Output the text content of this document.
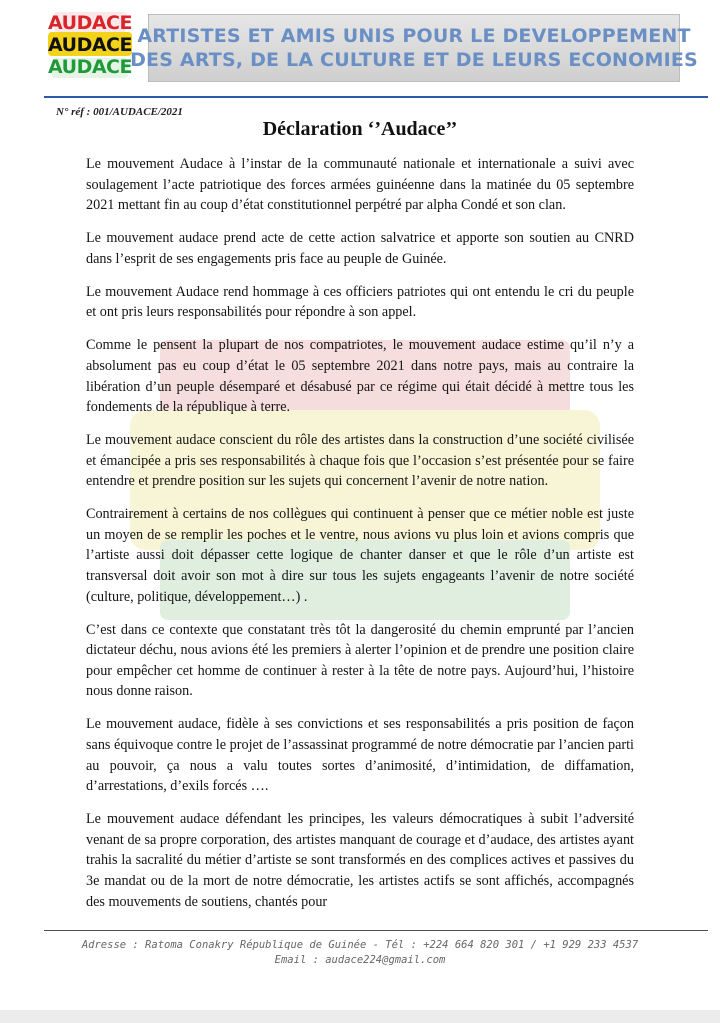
AUDACE
AUDACE
AUDACE
ARTISTES ET AMIS UNIS POUR LE DEVELOPPEMENT
DES ARTS, DE LA CULTURE ET DE LEURS ECONOMIES
N° réf : 001/AUDACE/2021
Déclaration ‘’Audace’’

Le mouvement Audace à l’instar de la communauté nationale et internationale a suivi avec soulagement l’acte patriotique des forces armées guinéenne dans la matinée du 05 septembre 2021 mettant fin au coup d’état constitutionnel perpétré par alpha Condé et son clan.

Le mouvement audace prend acte de cette action salvatrice et apporte son soutien au CNRD dans l’esprit de ses engagements pris face au peuple de Guinée.

Le mouvement Audace rend hommage à ces officiers patriotes qui ont entendu le cri du peuple et ont pris leurs responsabilités pour répondre à son appel.

Comme le pensent la plupart de nos compatriotes, le mouvement audace estime qu’il n’y a absolument pas eu coup d’état le 05 septembre 2021 dans notre pays, mais au contraire la libération d’un peuple désemparé et désabusé par ce régime qui était décidé à mettre tous les fondements de la république à terre.

Le mouvement audace conscient du rôle des artistes dans la construction d’une société civilisée et émancipée a pris ses responsabilités à chaque fois que l’occasion s’est présentée pour se faire entendre et prendre position sur les sujets qui concernent l’avenir de notre nation.

Contrairement à certains de nos collègues qui continuent à penser que ce métier noble est juste un moyen de se remplir les poches et le ventre, nous avions vu plus loin et avions compris que l’artiste aussi doit dépasser cette logique de chanter danser et que le rôle d’un artiste est transversal doit avoir son mot à dire sur tous les sujets engageants l’avenir de notre société (culture, politique, développement…) .

C’est dans ce contexte que constatant très tôt la dangerosité du chemin emprunté par l’ancien dictateur déchu, nous avions été les premiers à alerter l’opinion et de prendre une position claire pour empêcher cet homme de continuer à rester à la tête de notre pays. Aujourd’hui, l’histoire nous donne raison.

Le mouvement audace, fidèle à ses convictions et ses responsabilités a pris position de façon sans équivoque contre le projet de l’assassinat programmé de notre démocratie par l’ancien parti au pouvoir, ça nous a valu toutes sortes d’animosité, d’intimidation, de diffamation, d’arrestations, d’exils forcés ….

Le mouvement audace défendant les principes, les valeurs démocratiques à subit l’adversité venant de sa propre corporation, des artistes manquant de courage et d’audace, des artistes ayant trahis la sacralité du métier d’artiste se sont transformés en des complices actives et passives du 3e mandat ou de la mort de notre démocratie, les artistes actifs se sont affichés, accompagnés des mouvements de soutiens, chantés pour

Adresse : Ratoma Conakry République de Guinée - Tél : +224 664 820 301 / +1 929 233 4537
Email : audace224@gmail.com
